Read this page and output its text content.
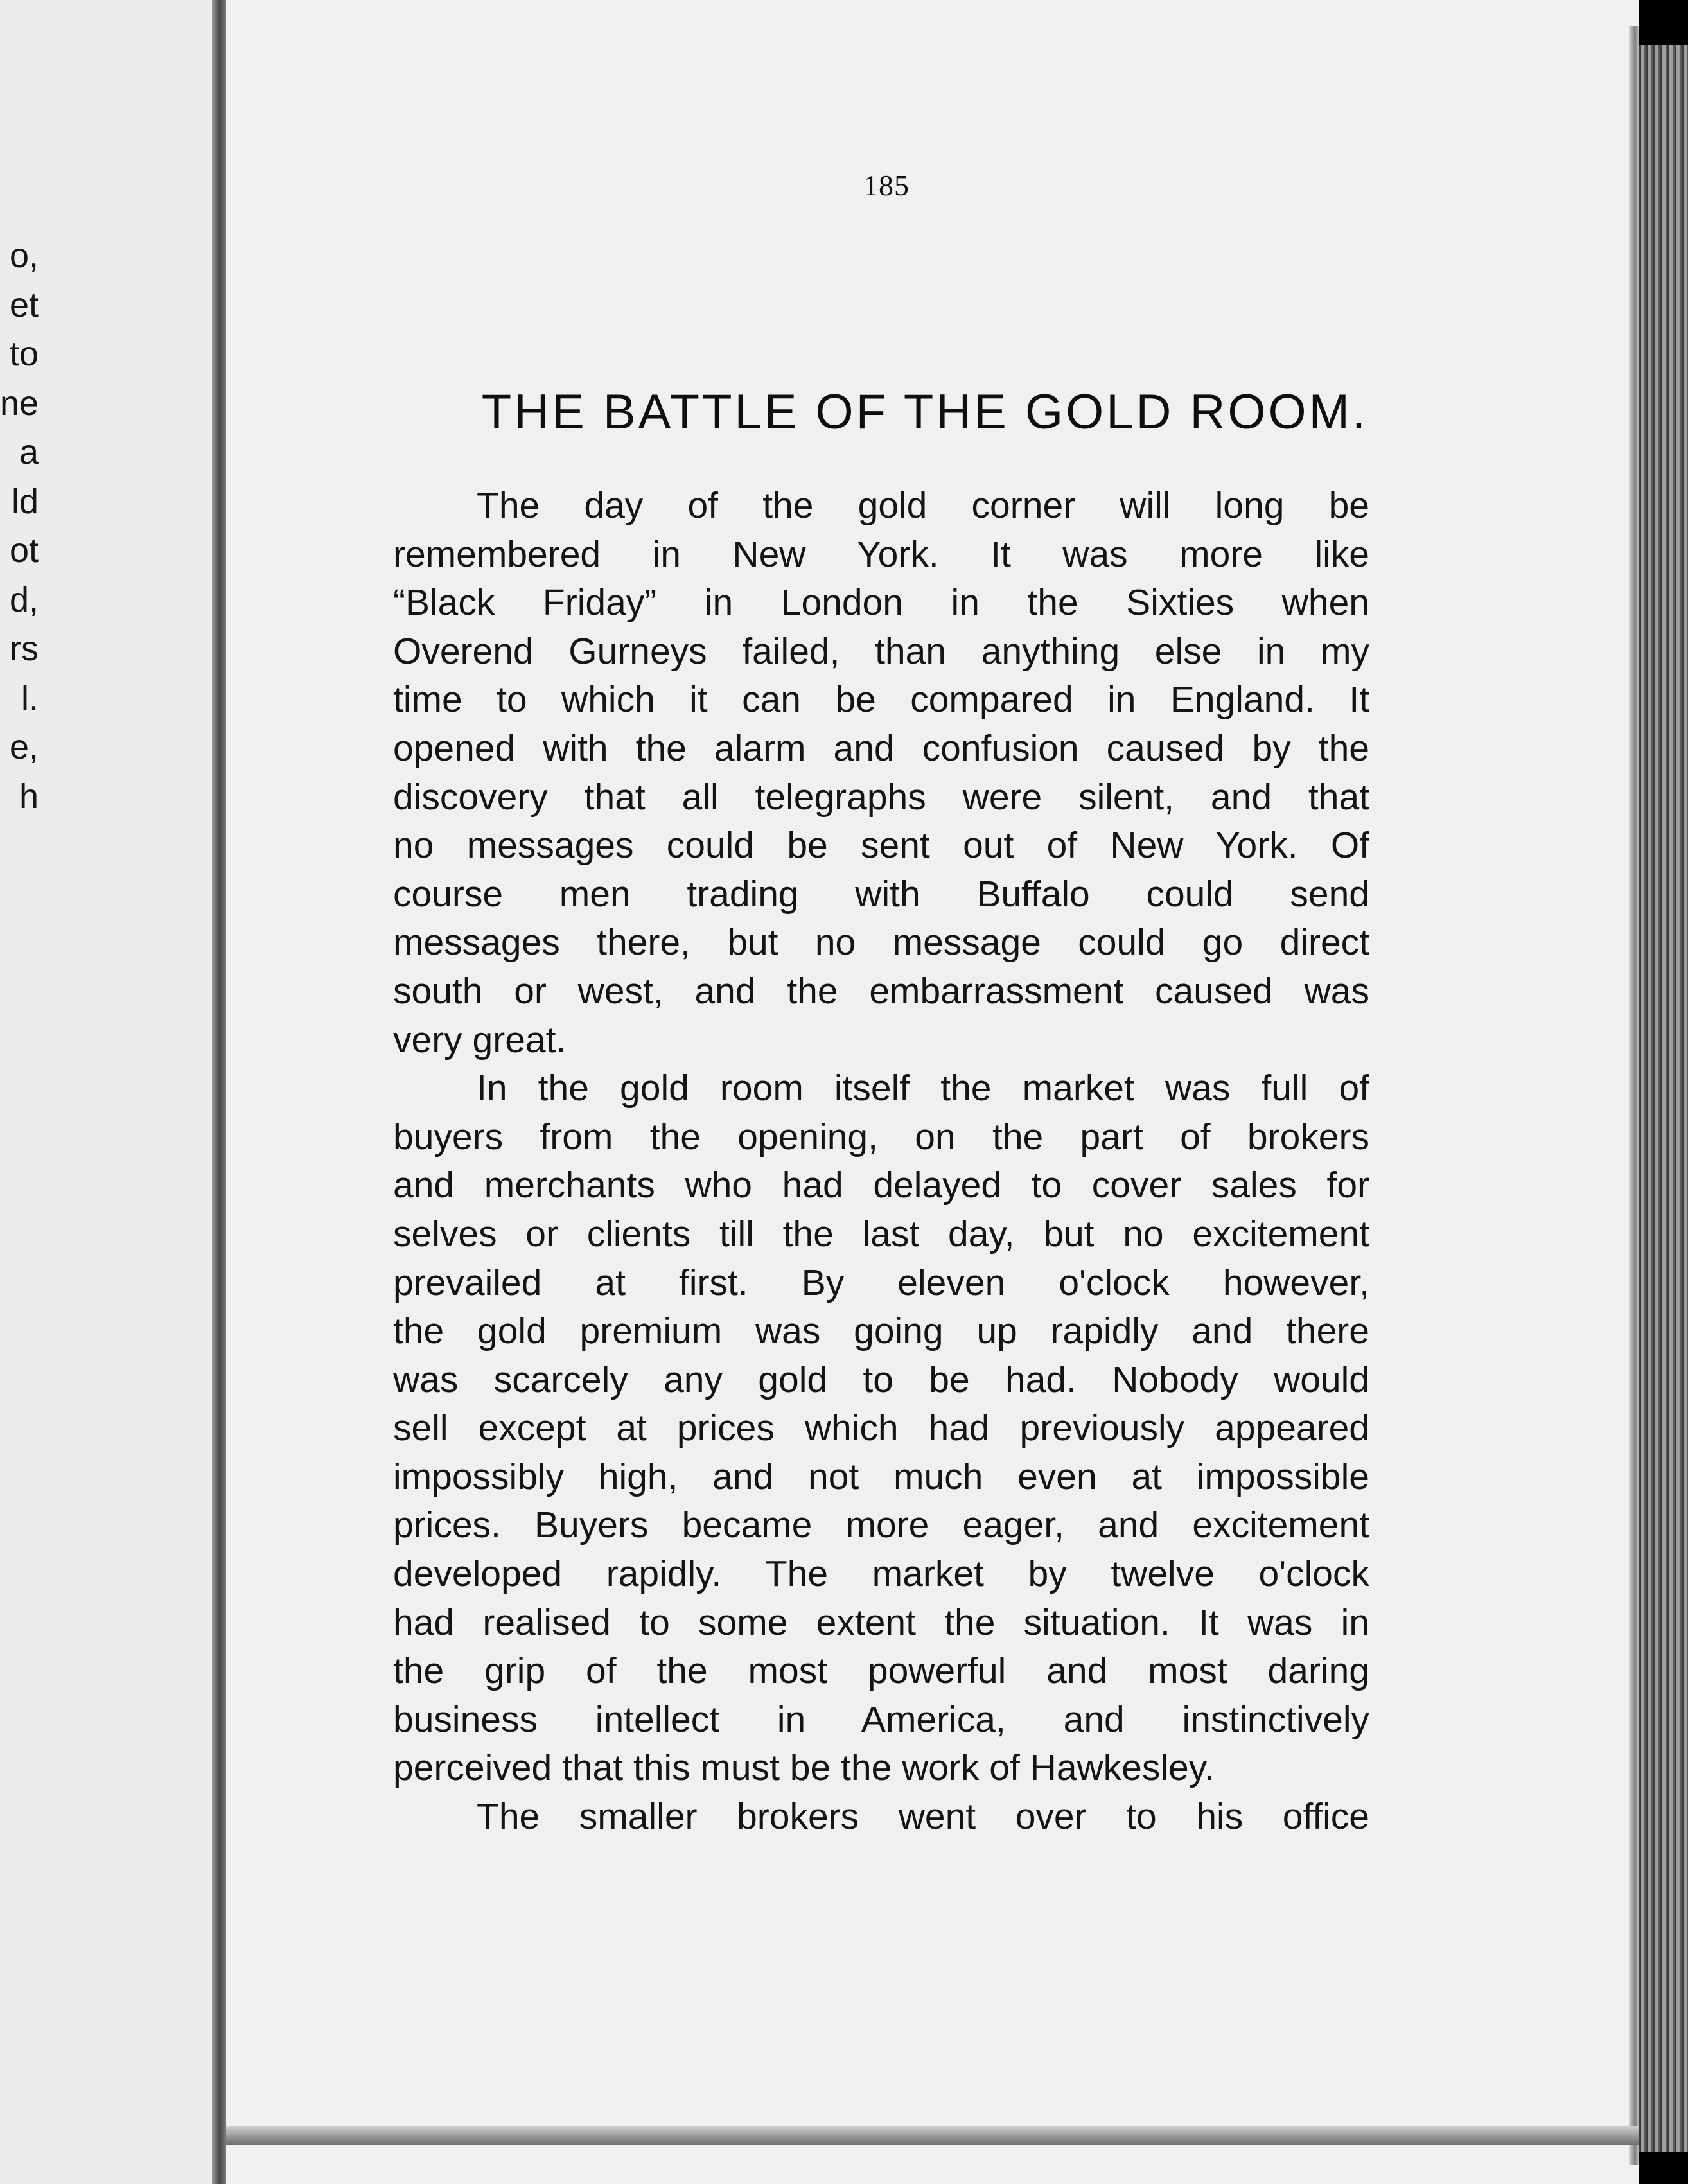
o,
et
to
ne
a
ld
ot
d,
rs
l.
e,
h
185
THE BATTLE OF THE GOLD ROOM.
The day of the gold corner will long be
remembered in New York. It was more like
“Black Friday” in London in the Sixties when
Overend Gurneys failed, than anything else in my
time to which it can be compared in England. It
opened with the alarm and confusion caused by the
discovery that all telegraphs were silent, and that
no messages could be sent out of New York. Of
course men trading with Buffalo could send
messages there, but no message could go direct
south or west, and the embarrassment caused was
very great.
In the gold room itself the market was full of
buyers from the opening, on the part of brokers
and merchants who had delayed to cover sales for
selves or clients till the last day, but no excitement
prevailed at first. By eleven o'clock however,
the gold premium was going up rapidly and there
was scarcely any gold to be had. Nobody would
sell except at prices which had previously appeared
impossibly high, and not much even at impossible
prices. Buyers became more eager, and excitement
developed rapidly. The market by twelve o'clock
had realised to some extent the situation. It was in
the grip of the most powerful and most daring
business intellect in America, and instinctively
perceived that this must be the work of Hawkesley.
The smaller brokers went over to his office
